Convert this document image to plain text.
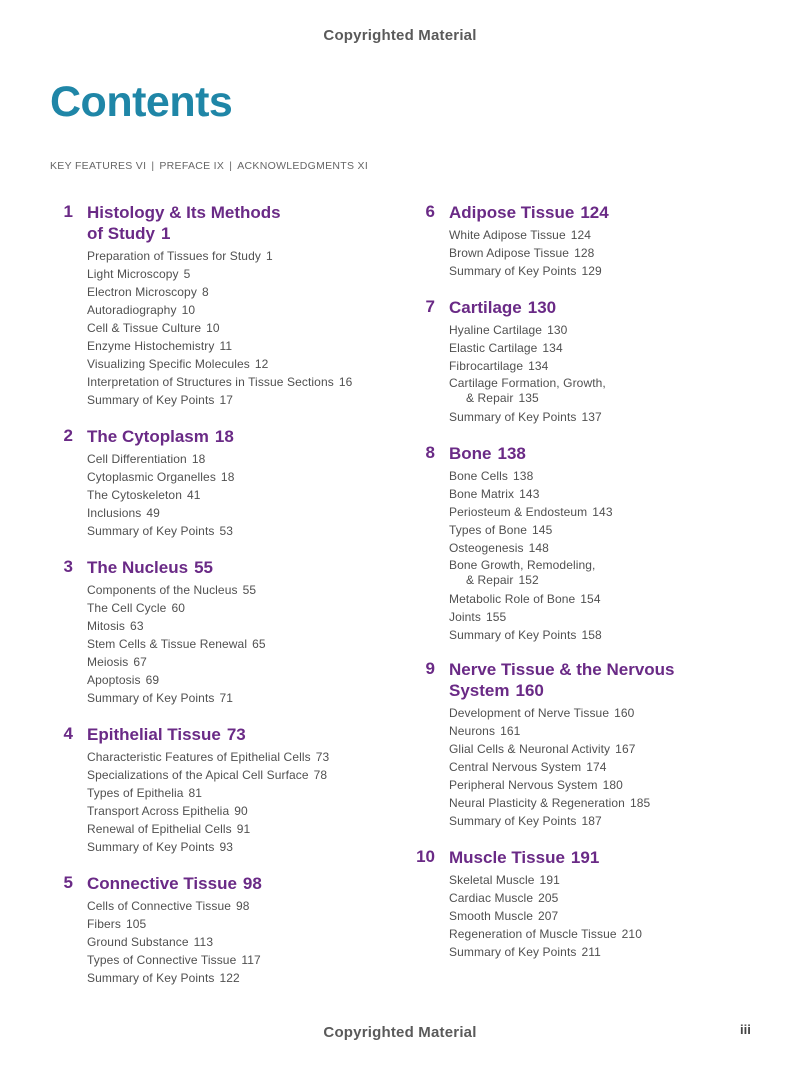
Copyrighted Material
Contents
KEY FEATURES VI | PREFACE IX | ACKNOWLEDGMENTS XI
1 Histology & Its Methods
of Study 1
Preparation of Tissues for Study 1
Light Microscopy 5
Electron Microscopy 8
Autoradiography 10
Cell & Tissue Culture 10
Enzyme Histochemistry 11
Visualizing Specific Molecules 12
Interpretation of Structures in Tissue Sections 16
Summary of Key Points 17
2 The Cytoplasm 18
Cell Differentiation 18
Cytoplasmic Organelles 18
The Cytoskeleton 41
Inclusions 49
Summary of Key Points 53
3 The Nucleus 55
Components of the Nucleus 55
The Cell Cycle 60
Mitosis 63
Stem Cells & Tissue Renewal 65
Meiosis 67
Apoptosis 69
Summary of Key Points 71
4 Epithelial Tissue 73
Characteristic Features of Epithelial Cells 73
Specializations of the Apical Cell Surface 78
Types of Epithelia 81
Transport Across Epithelia 90
Renewal of Epithelial Cells 91
Summary of Key Points 93
5 Connective Tissue 98
Cells of Connective Tissue 98
Fibers 105
Ground Substance 113
Types of Connective Tissue 117
Summary of Key Points 122
6 Adipose Tissue 124
White Adipose Tissue 124
Brown Adipose Tissue 128
Summary of Key Points 129
7 Cartilage 130
Hyaline Cartilage 130
Elastic Cartilage 134
Fibrocartilage 134
Cartilage Formation, Growth,
& Repair 135
Summary of Key Points 137
8 Bone 138
Bone Cells 138
Bone Matrix 143
Periosteum & Endosteum 143
Types of Bone 145
Osteogenesis 148
Bone Growth, Remodeling,
& Repair 152
Metabolic Role of Bone 154
Joints 155
Summary of Key Points 158
9 Nerve Tissue & the Nervous
System 160
Development of Nerve Tissue 160
Neurons 161
Glial Cells & Neuronal Activity 167
Central Nervous System 174
Peripheral Nervous System 180
Neural Plasticity & Regeneration 185
Summary of Key Points 187
10 Muscle Tissue 191
Skeletal Muscle 191
Cardiac Muscle 205
Smooth Muscle 207
Regeneration of Muscle Tissue 210
Summary of Key Points 211
Copyrighted Material	iii
